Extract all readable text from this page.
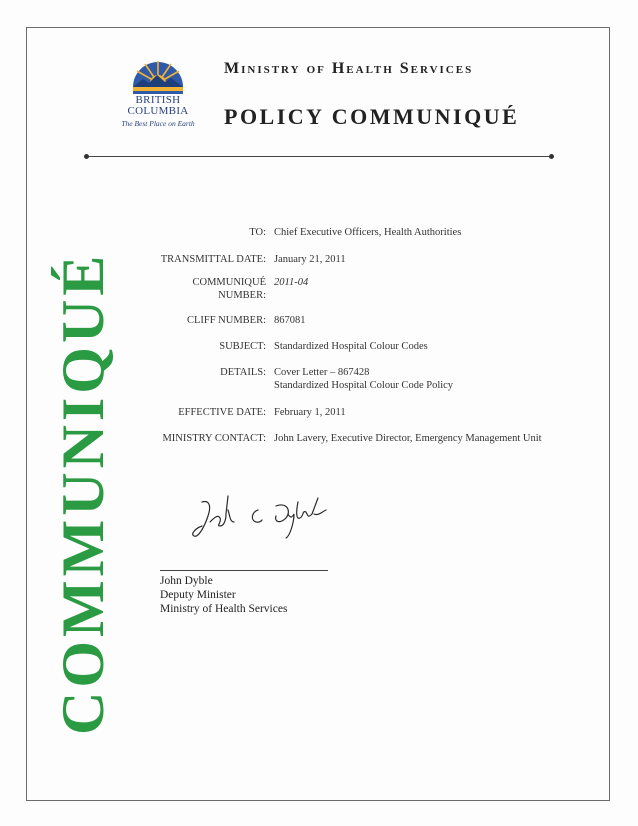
BRITISH
COLUMBIA
The Best Place on Earth
Ministry of Health Services
POLICY COMMUNIQUÉ
COMMUNIQUÉ
TO: Chief Executive Officers, Health Authorities
TRANSMITTAL DATE: January 21, 2011
COMMUNIQUÉ NUMBER:
2011-04
CLIFF NUMBER: 867081
SUBJECT: Standardized Hospital Colour Codes
DETAILS: Cover Letter – 867428
Standardized Hospital Colour Code Policy
EFFECTIVE DATE: February 1, 2011
MINISTRY CONTACT: John Lavery, Executive Director, Emergency Management Unit
John Dyble
Deputy Minister
Ministry of Health Services
